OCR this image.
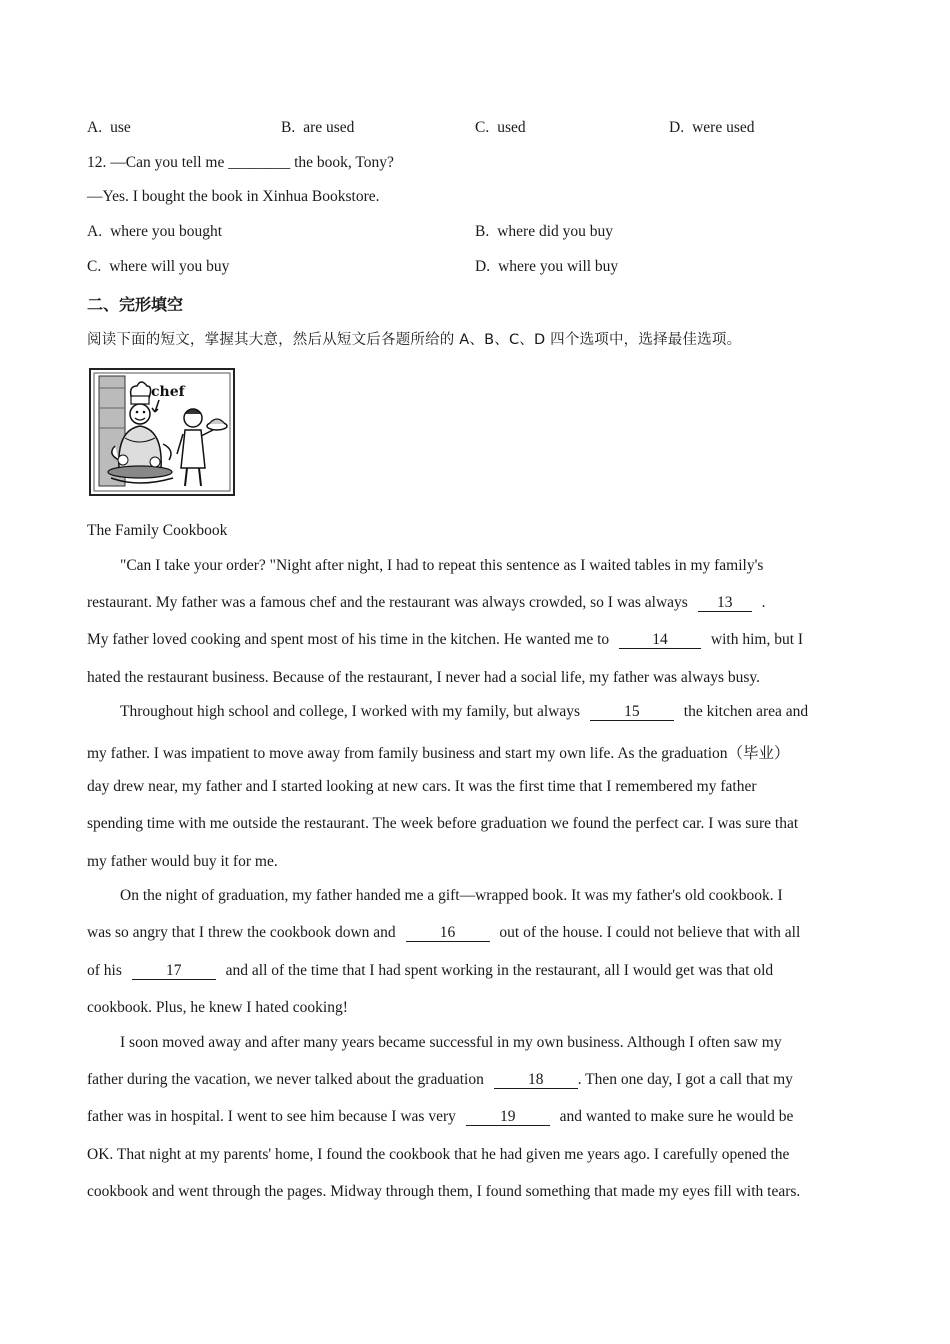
A. use	B. are used	C. used	D. were used
12. —Can you tell me ________ the book, Tony?
—Yes. I bought the book in Xinhua Bookstore.
A. where you bought	B. where did you buy
C. where will you buy	D. where you will buy
二、完形填空
阅读下面的短文，掌握其大意，然后从短文后各题所给的 A、B、C、D 四个选项中，选择最佳选项。
The Family Cookbook
"Can I take your order? "Night after night, I had to repeat this sentence as I waited tables in my family's
restaurant. My father was a famous chef and the restaurant was always crowded, so I was always 13 .
My father loved cooking and spent most of his time in the kitchen. He wanted me to	14	with him, but I
hated the restaurant business. Because of the restaurant, I never had a social life, my father was always busy.
Throughout high school and college, I worked with my family, but always	15	the kitchen area and
my father. I was impatient to move away from family business and start my own life. As the graduation（毕业）
day drew near, my father and I started looking at new cars. It was the first time that I remembered my father
spending time with me outside the restaurant. The week before graduation we found the perfect car. I was sure that
my father would buy it for me.
On the night of graduation, my father handed me a gift—wrapped book. It was my father's old cookbook. I
was so angry that I threw the cookbook down and	16	out of the house. I could not believe that with all
of his	17	and all of the time that I had spent working in the restaurant, all I would get was that old
cookbook. Plus, he knew I hated cooking!
I soon moved away and after many years became successful in my own business. Although I often saw my
father during the vacation, we never talked about the graduation	18 . Then one day, I got a call that my
father was in hospital. I went to see him because I was very	19	and wanted to make sure he would be
OK. That night at my parents' home, I found the cookbook that he had given me years ago. I carefully opened the
cookbook and went through the pages. Midway through them, I found something that made my eyes fill with tears.
chef
